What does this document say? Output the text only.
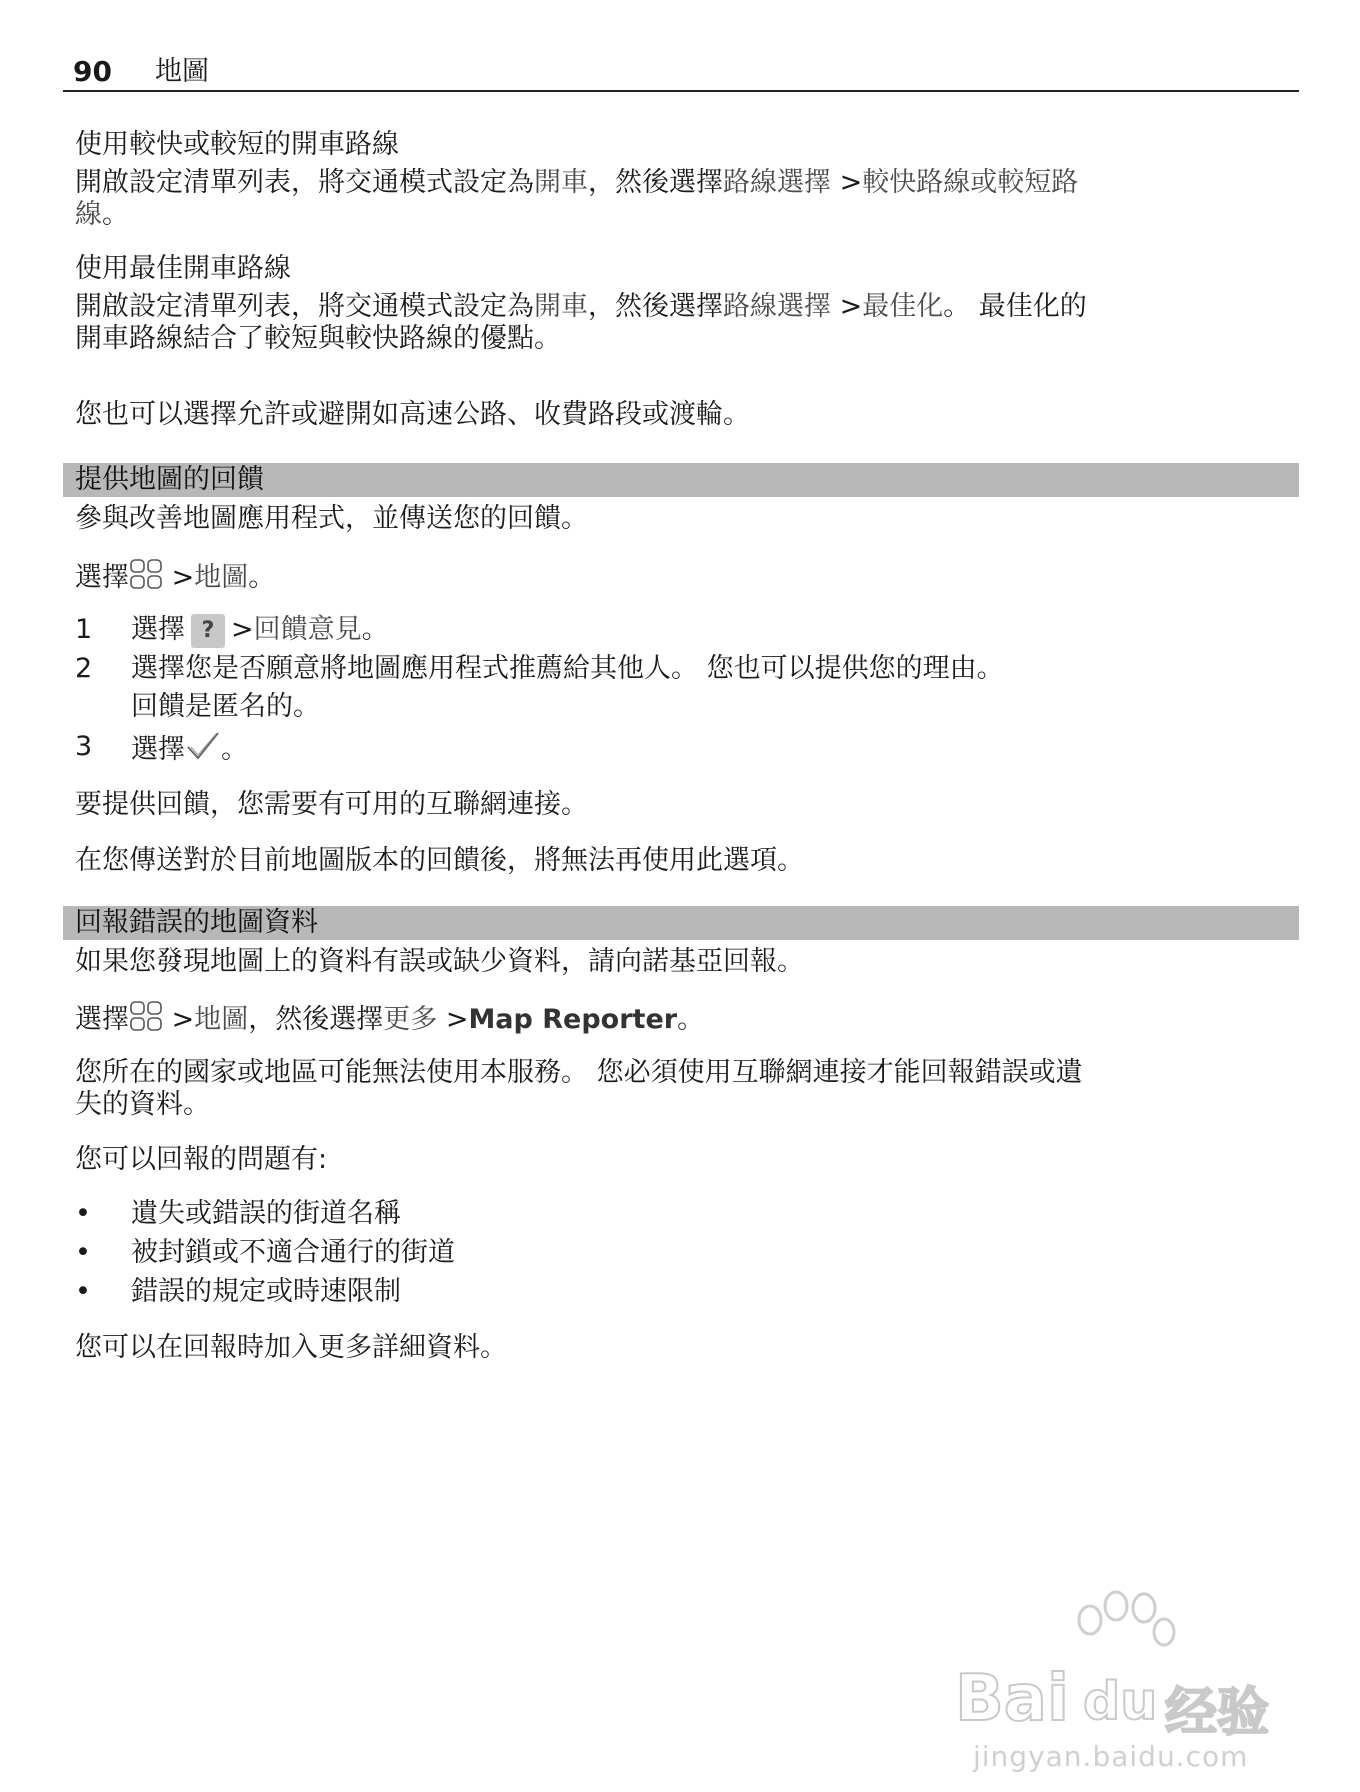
90 地圖
使用較快或較短的開車路線
開啟設定清單列表，將交通模式設定為開車，然後選擇路線選擇 >較快路線或較短路
線。
使用最佳開車路線
開啟設定清單列表，將交通模式設定為開車，然後選擇路線選擇 >最佳化。 最佳化的
開車路線結合了較短與較快路線的優點。
您也可以選擇允許或避開如高速公路、收費路段或渡輪。
提供地圖的回饋
參與改善地圖應用程式，並傳送您的回饋。
選擇 >地圖。
1 選擇 ? >回饋意見。
2 選擇您是否願意將地圖應用程式推薦給其他人。 您也可以提供您的理由。
回饋是匿名的。
3 選擇 。
要提供回饋，您需要有可用的互聯網連接。
在您傳送對於目前地圖版本的回饋後，將無法再使用此選項。
回報錯誤的地圖資料
如果您發現地圖上的資料有誤或缺少資料，請向諾基亞回報。
選擇 >地圖，然後選擇更多 >Map Reporter。
您所在的國家或地區可能無法使用本服務。 您必須使用互聯網連接才能回報錯誤或遺
失的資料。
您可以回報的問題有:
• 遺失或錯誤的街道名稱
• 被封鎖或不適合通行的街道
• 錯誤的規定或時速限制
您可以在回報時加入更多詳細資料。
Bai du 经验
jingyan.baidu.com
